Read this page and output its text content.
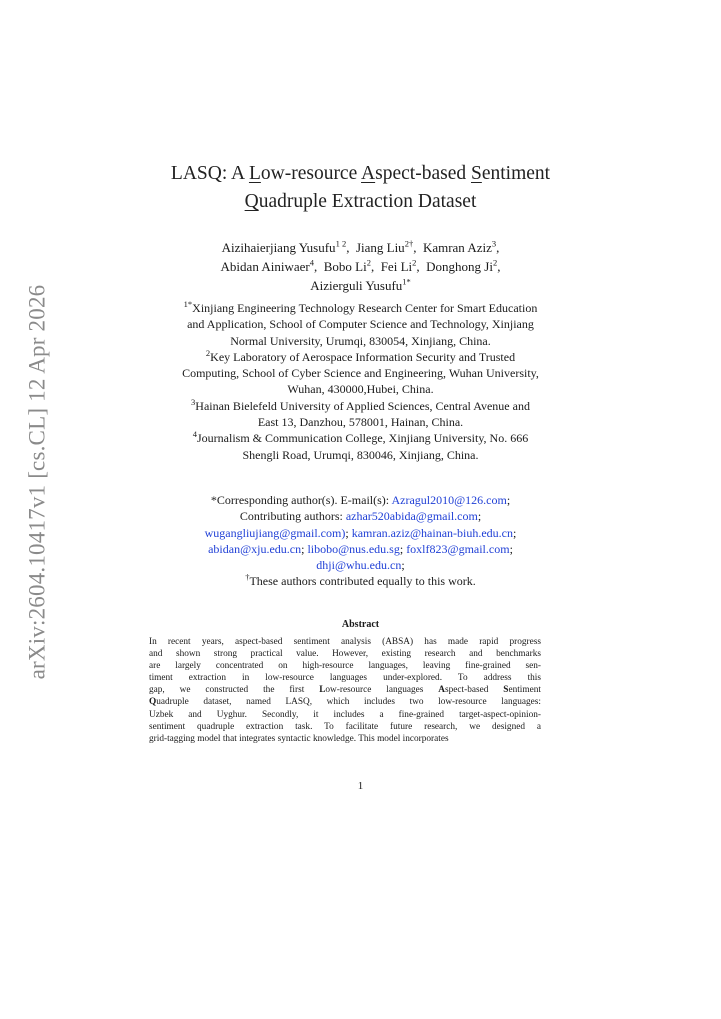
arXiv:2604.10417v1 [cs.CL] 12 Apr 2026
LASQ: A Low-resource Aspect-based Sentiment
Quadruple Extraction Dataset
Aizihaierjiang Yusufu$^{1 2}$,  Jiang Liu$^{2\dagger}$,  Kamran Aziz$^3$,
Abidan Ainiwaer$^4$,  Bobo Li$^2$,  Fei Li$^2$,  Donghong Ji$^2$,
Aizierguli Yusufu$^{1*}$
$^{1*}$Xinjiang Engineering Technology Research Center for Smart Education
and Application, School of Computer Science and Technology, Xinjiang
Normal University, Urumqi, 830054, Xinjiang, China.
$^2$Key Laboratory of Aerospace Information Security and Trusted
Computing, School of Cyber Science and Engineering, Wuhan University,
Wuhan, 430000,Hubei, China.
$^3$Hainan Bielefeld University of Applied Sciences, Central Avenue and
East 13, Danzhou, 578001, Hainan, China.
$^4$Journalism & Communication College, Xinjiang University, No. 666
Shengli Road, Urumqi, 830046, Xinjiang, China.
*Corresponding author(s). E-mail(s): Azragul2010@126.com;
Contributing authors: azhar520abida@gmail.com;
wugangliujiang@gmail.com); kamran.aziz@hainan-biuh.edu.cn;
abidan@xju.edu.cn; libobo@nus.edu.sg; foxlf823@gmail.com;
dhji@whu.edu.cn;
†These authors contributed equally to this work.
Abstract
In recent years, aspect-based sentiment analysis (ABSA) has made rapid progress
and shown strong practical value. However, existing research and benchmarks
are largely concentrated on high-resource languages, leaving fine-grained sen-
timent extraction in low-resource languages under-explored. To address this
gap, we constructed the first Low-resource languages Aspect-based Sentiment
Quadruple dataset, named LASQ, which includes two low-resource languages:
Uzbek and Uyghur. Secondly, it includes a fine-grained target-aspect-opinion-
sentiment quadruple extraction task. To facilitate future research, we designed a
grid-tagging model that integrates syntactic knowledge. This model incorporates
1
